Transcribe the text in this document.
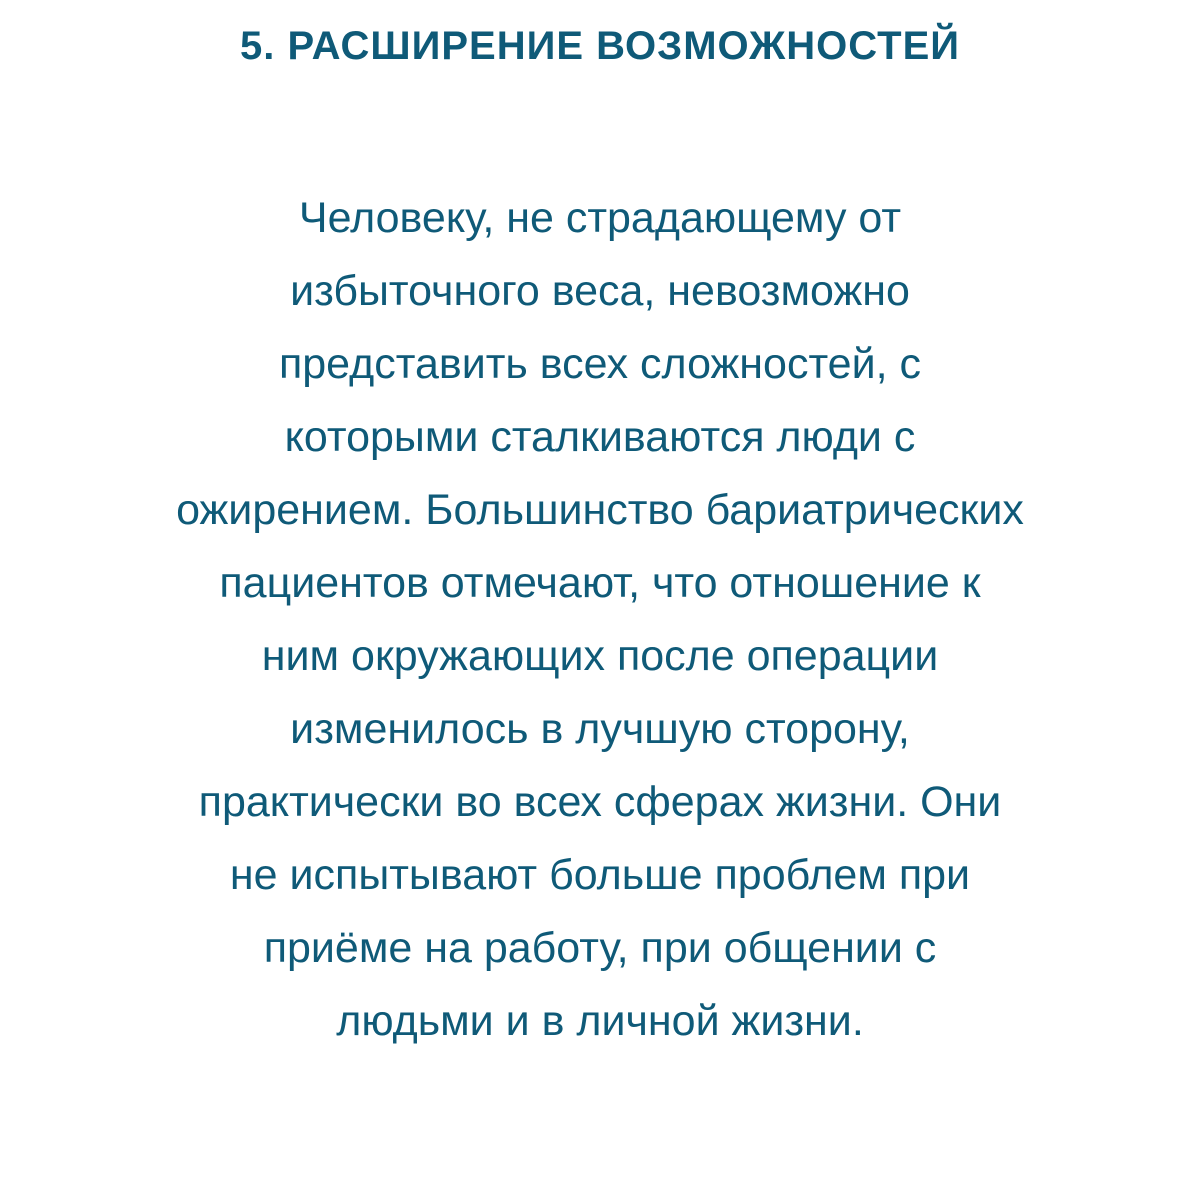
5. РАСШИРЕНИЕ ВОЗМОЖНОСТЕЙ

Человеку, не страдающему от
избыточного веса, невозможно
представить всех сложностей, с
которыми сталкиваются люди с
ожирением. Большинство бариатрических
пациентов отмечают, что отношение к
ним окружающих после операции
изменилось в лучшую сторону,
практически во всех сферах жизни. Они
не испытывают больше проблем при
приёме на работу, при общении с
людьми и в личной жизни.
